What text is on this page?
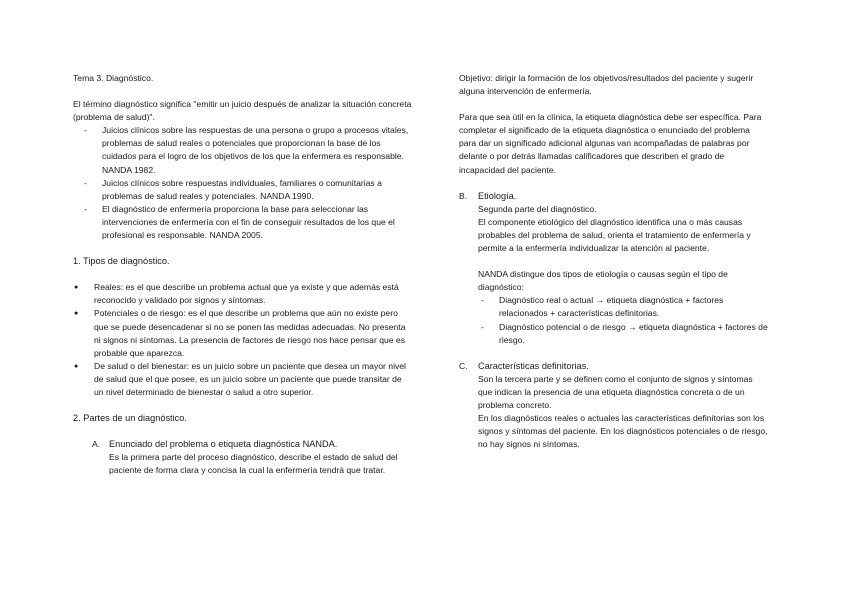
Tema 3. Diagnóstico.

El término diagnóstico significa "emitir un juicio después de analizar la situación concreta (problema de salud)".

- Juicios clínicos sobre las respuestas de una persona o grupo a procesos vitales, problemas de salud reales o potenciales que proporcionan la base de los cuidados para el logro de los objetivos de los que la enfermera es responsable. NANDA 1982.
- Juicios clínicos sobre respuestas individuales, familiares o comunitarias a problemas de salud reales y potenciales. NANDA 1990.
- El diagnóstico de enfermería proporciona la base para seleccionar las intervenciones de enfermería con el fin de conseguir resultados de los que el profesional es responsable. NANDA 2005.

1. Tipos de diagnóstico.

● Reales: es el que describe un problema actual que ya existe y que además está reconocido y validado por signos y síntomas.
● Potenciales o de riesgo: es el que describe un problema que aún no existe pero que se puede desencadenar si no se ponen las medidas adecuadas. No presenta ni signos ni síntomas. La presencia de factores de riesgo nos hace pensar que es probable que aparezca.
● De salud o del bienestar: es un juicio sobre un paciente que desea un mayor nivel de salud que el que posee, es un juicio sobre un paciente que puede transitar de un nivel determinado de bienestar o salud a otro superior.

2. Partes de un diagnóstico.

A. Enunciado del problema o etiqueta diagnóstica NANDA.

Es la primera parte del proceso diagnóstico, describe el estado de salud del paciente de forma clara y concisa la cual la enfermería tendrá que tratar.

Objetivo: dirigir la formación de los objetivos/resultados del paciente y sugerir alguna intervención de enfermería.

Para que sea útil en la clínica, la etiqueta diagnóstica debe ser específica. Para completar el significado de la etiqueta diagnóstica o enunciado del problema para dar un significado adicional algunas van acompañadas de palabras por delante o por detrás llamadas calificadores que describen el grado de incapacidad del paciente.

B. Etiología.

Segunda parte del diagnóstico.

El componente etiológico del diagnóstico identifica una o más causas probables del problema de salud, orienta el tratamiento de enfermería y permite a la enfermería individualizar la atención al paciente.

NANDA distingue dos tipos de etiología o causas según el tipo de diagnóstico:

- Diagnóstico real o actual → etiqueta diagnóstica + factores relacionados + características definitorias.
- Diagnóstico potencial o de riesgo → etiqueta diagnóstica + factores de riesgo.
C. Características definitorias.

Son la tercera parte y se definen como el conjunto de signos y síntomas que indican la presencia de una etiqueta diagnóstica concreta o de un problema concreto.

En los diagnósticos reales o actuales las características definitorias son los signos y síntomas del paciente. En los diagnósticos potenciales o de riesgo, no hay signos ni síntomas.
